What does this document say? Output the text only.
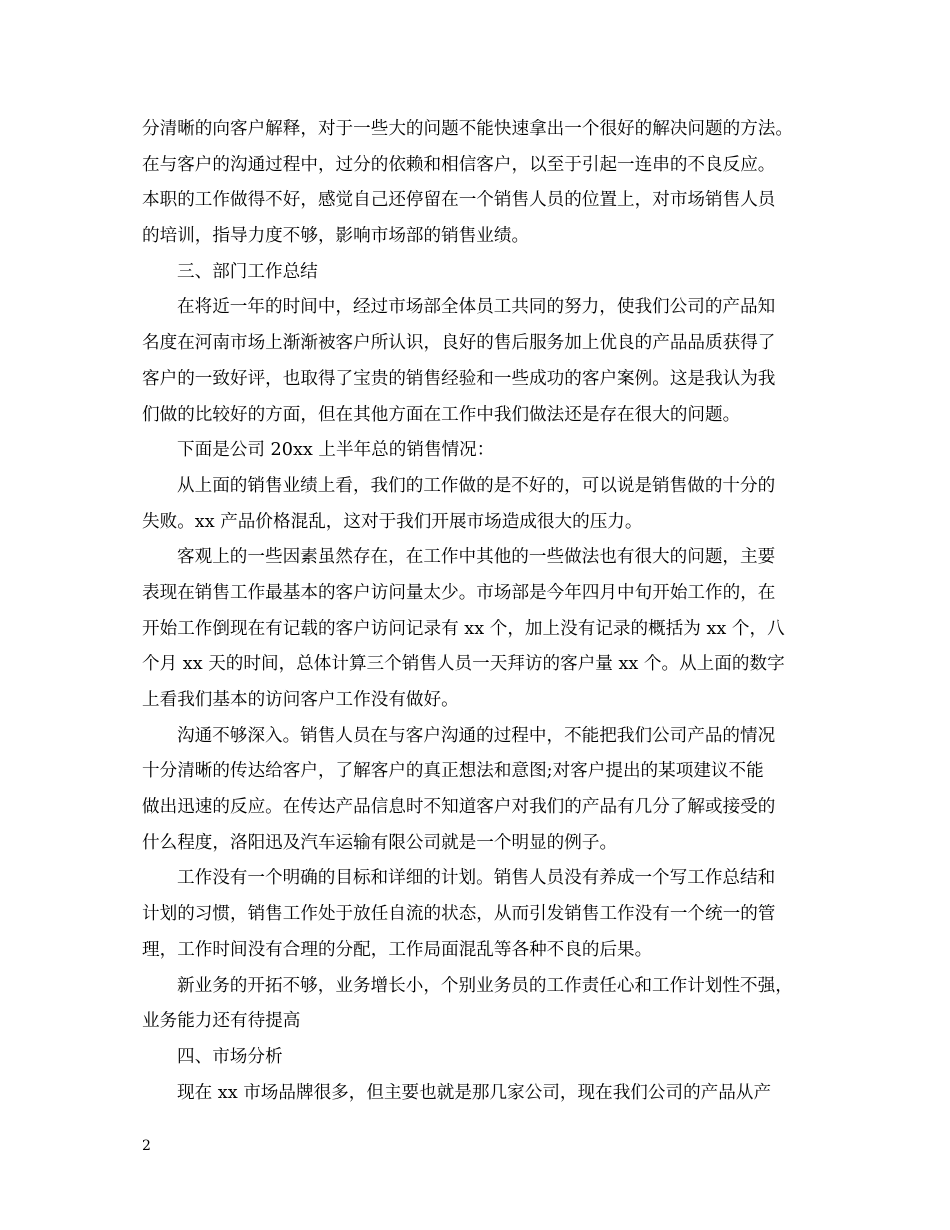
分清晰的向客户解释，对于一些大的问题不能快速拿出一个很好的解决问题的方法。
在与客户的沟通过程中，过分的依赖和相信客户，以至于引起一连串的不良反应。
本职的工作做得不好，感觉自己还停留在一个销售人员的位置上，对市场销售人员
的培训，指导力度不够，影响市场部的销售业绩。
三、部门工作总结
在将近一年的时间中，经过市场部全体员工共同的努力，使我们公司的产品知
名度在河南市场上渐渐被客户所认识，良好的售后服务加上优良的产品品质获得了
客户的一致好评，也取得了宝贵的销售经验和一些成功的客户案例。这是我认为我
们做的比较好的方面，但在其他方面在工作中我们做法还是存在很大的问题。
下面是公司 20xx 上半年总的销售情况：
从上面的销售业绩上看，我们的工作做的是不好的，可以说是销售做的十分的
失败。xx 产品价格混乱，这对于我们开展市场造成很大的压力。
客观上的一些因素虽然存在，在工作中其他的一些做法也有很大的问题，主要
表现在销售工作最基本的客户访问量太少。市场部是今年四月中旬开始工作的，在
开始工作倒现在有记载的客户访问记录有 xx 个，加上没有记录的概括为 xx 个，八
个月 xx 天的时间，总体计算三个销售人员一天拜访的客户量 xx 个。从上面的数字
上看我们基本的访问客户工作没有做好。
沟通不够深入。销售人员在与客户沟通的过程中，不能把我们公司产品的情况
十分清晰的传达给客户，了解客户的真正想法和意图;对客户提出的某项建议不能
做出迅速的反应。在传达产品信息时不知道客户对我们的产品有几分了解或接受的
什么程度，洛阳迅及汽车运输有限公司就是一个明显的例子。
工作没有一个明确的目标和详细的计划。销售人员没有养成一个写工作总结和
计划的习惯，销售工作处于放任自流的状态，从而引发销售工作没有一个统一的管
理，工作时间没有合理的分配，工作局面混乱等各种不良的后果。
新业务的开拓不够，业务增长小，个别业务员的工作责任心和工作计划性不强，
业务能力还有待提高
四、市场分析
现在 xx 市场品牌很多，但主要也就是那几家公司，现在我们公司的产品从产
2
